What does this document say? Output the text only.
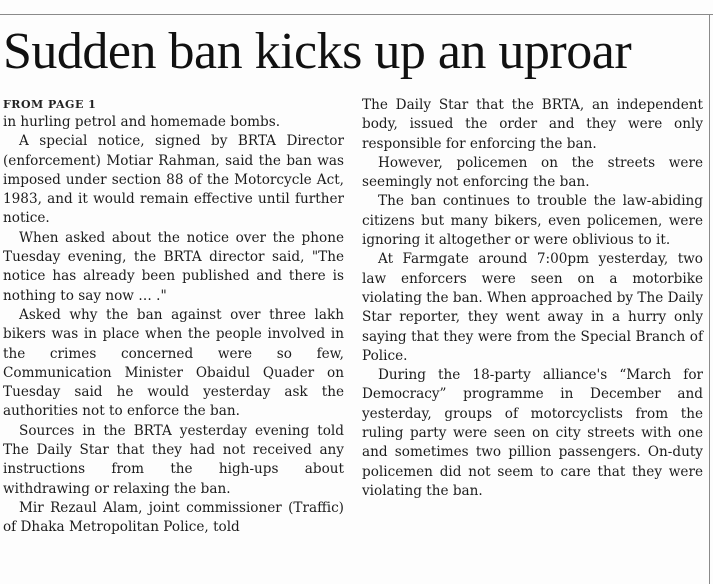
Sudden ban kicks up an uproar
FROM PAGE 1

in hurling petrol and homemade bombs.

A special notice, signed by BRTA Director (enforcement) Motiar Rahman, said the ban was imposed under section 88 of the Motorcycle Act, 1983, and it would remain effective until further notice.

When asked about the notice over the phone Tuesday evening, the BRTA director said, "The notice has already been published and there is nothing to say now … ."

Asked why the ban against over three lakh bikers was in place when the people involved in the crimes concerned were so few, Communication Minister Obaidul Quader on Tuesday said he would yesterday ask the authorities not to enforce the ban.

Sources in the BRTA yesterday evening told The Daily Star that they had not received any instructions from the high-ups about withdrawing or relaxing the ban.

Mir Rezaul Alam, joint commissioner (Traffic) of Dhaka Metropolitan Police, told

The Daily Star that the BRTA, an independent body, issued the order and they were only responsible for enforcing the ban.

However, policemen on the streets were seemingly not enforcing the ban.

The ban continues to trouble the law-abiding citizens but many bikers, even policemen, were ignoring it altogether or were oblivious to it.

At Farmgate around 7:00pm yesterday, two law enforcers were seen on a motorbike violating the ban. When approached by The Daily Star reporter, they went away in a hurry only saying that they were from the Special Branch of Police.

During the 18-party alliance's “March for Democracy” programme in December and yesterday, groups of motorcyclists from the ruling party were seen on city streets with one and sometimes two pillion passengers. On-duty policemen did not seem to care that they were violating the ban.
